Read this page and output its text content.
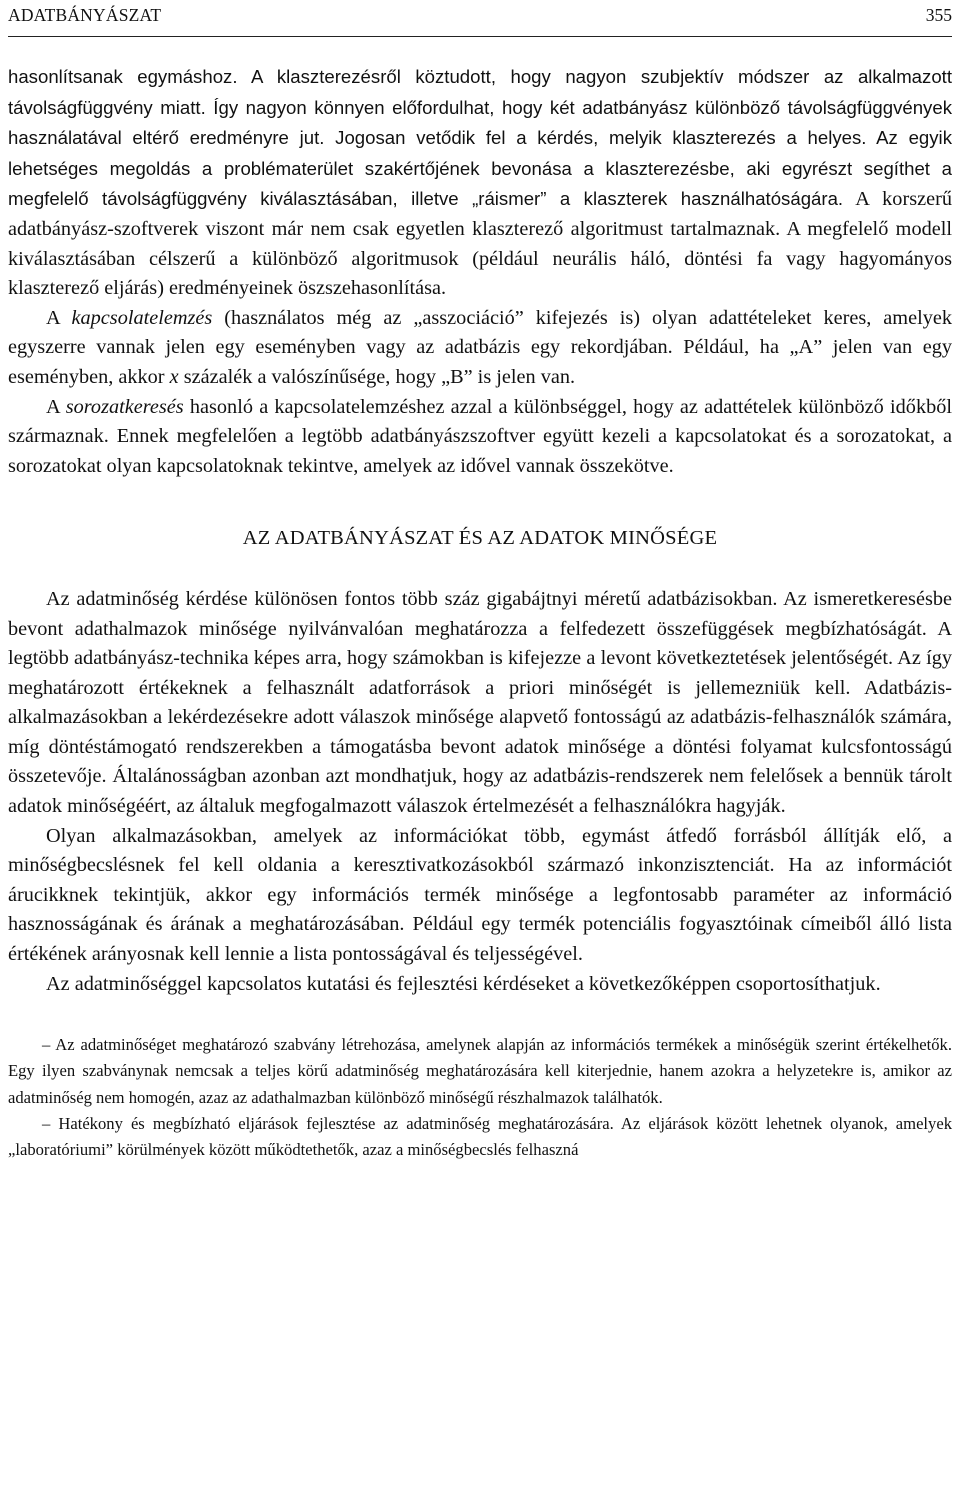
ADATBÁNYÁSZAT	355

hasonlítsanak egymáshoz. A klaszterezésről köztudott, hogy nagyon szubjektív módszer az alkalmazott távolságfüggvény miatt. Így nagyon könnyen előfordulhat, hogy két adatbányász különböző távolságfüggvények használatával eltérő eredményre jut. Jogosan vetődik fel a kérdés, melyik klaszterezés a helyes. Az egyik lehetséges megoldás a problématerület szakértőjének bevonása a klaszterezésbe, aki egyrészt segíthet a megfelelő távolságfüggvény kiválasztásában, illetve „ráismer” a klaszterek használhatóságára. A korszerű adatbányász-szoftverek viszont már nem csak egyetlen klaszterező algoritmust tartalmaznak. A megfelelő modell kiválasztásában célszerű a különböző algoritmusok (például neurális háló, döntési fa vagy hagyományos klaszterező eljárás) eredményeinek öszszehasonlítása.

A kapcsolatelemzés (használatos még az „asszociáció” kifejezés is) olyan adattételeket keres, amelyek egyszerre vannak jelen egy eseményben vagy az adatbázis egy rekordjában. Például, ha „A” jelen van egy eseményben, akkor x százalék a valószínűsége, hogy „B” is jelen van.

A sorozatkeresés hasonló a kapcsolatelemzéshez azzal a különbséggel, hogy az adattételek különböző időkből származnak. Ennek megfelelően a legtöbb adatbányászszoftver együtt kezeli a kapcsolatokat és a sorozatokat, a sorozatokat olyan kapcsolatoknak tekintve, amelyek az idővel vannak összekötve.

AZ ADATBÁNYÁSZAT ÉS AZ ADATOK MINŐSÉGE

Az adatminőség kérdése különösen fontos több száz gigabájtnyi méretű adatbázisokban. Az ismeretkeresésbe bevont adathalmazok minősége nyilvánvalóan meghatározza a felfedezett összefüggések megbízhatóságát. A legtöbb adatbányász-technika képes arra, hogy számokban is kifejezze a levont következtetések jelentőségét. Az így meghatározott értékeknek a felhasznált adatforrások a priori minőségét is jellemezniük kell. Adatbázisalkalmazásokban a lekérdezésekre adott válaszok minősége alapvető fontosságú az adatbázis-felhasználók számára, míg döntéstámogató rendszerekben a támogatásba bevont adatok minősége a döntési folyamat kulcsfontosságú összetevője. Általánosságban azonban azt mondhatjuk, hogy az adatbázis-rendszerek nem felelősek a bennük tárolt adatok minőségéért, az általuk megfogalmazott válaszok értelmezését a felhasználókra hagyják.

Olyan alkalmazásokban, amelyek az információkat több, egymást átfedő forrásból állítják elő, a minőségbecslésnek fel kell oldania a keresztivatkozásokból származó inkonzisztenciát. Ha az információt árucikknek tekintjük, akkor egy információs termék minősége a legfontosabb paraméter az információ hasznosságának és árának a meghatározásában. Például egy termék potenciális fogyasztóinak címeiből álló lista értékének arányosnak kell lennie a lista pontosságával és teljességével.

Az adatminőséggel kapcsolatos kutatási és fejlesztési kérdéseket a következőképpen csoportosíthatjuk.

– Az adatminőséget meghatározó szabvány létrehozása, amelynek alapján az információs termékek a minőségük szerint értékelhetők. Egy ilyen szabványnak nemcsak a teljes körű adatminőség meghatározására kell kiterjednie, hanem azokra a helyzetekre is, amikor az adatminőség nem homogén, azaz az adathalmazban különböző minőségű részhalmazok találhatók.

– Hatékony és megbízható eljárások fejlesztése az adatminőség meghatározására. Az eljárások között lehetnek olyanok, amelyek „laboratóriumi” körülmények között működtethetők, azaz a minőségbecslés felhaszná
